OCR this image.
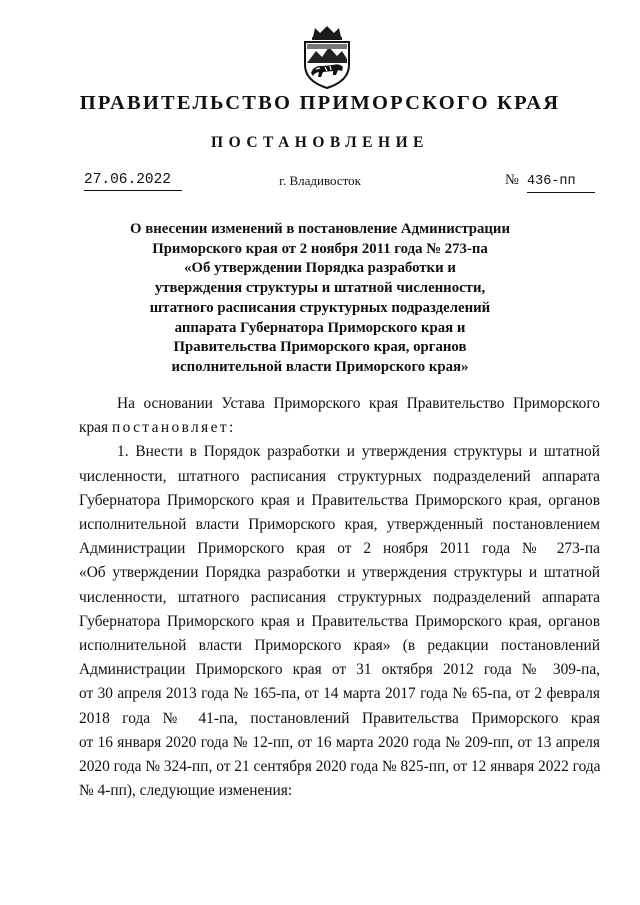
ПРАВИТЕЛЬСТВО ПРИМОРСКОГО КРАЯ
ПОСТАНОВЛЕНИЕ
27.06.2022	г. Владивосток	№ 436-пп
О внесении изменений в постановление Администрации
Приморского края от 2 ноября 2011 года № 273-па
«Об утверждении Порядка разработки и
утверждения структуры и штатной численности,
штатного расписания структурных подразделений
аппарата Губернатора Приморского края и
Правительства Приморского края, органов
исполнительной власти Приморского края»
На основании Устава Приморского края Правительство Приморского
края постановляет:
1. Внести в Порядок разработки и утверждения структуры и штатной
численности, штатного расписания структурных подразделений аппарата
Губернатора Приморского края и Правительства Приморского края, органов
исполнительной власти Приморского края, утвержденный постановлением
Администрации Приморского края от 2 ноября 2011 года № 273-па
«Об утверждении Порядка разработки и утверждения структуры и штатной
численности, штатного расписания структурных подразделений аппарата
Губернатора Приморского края и Правительства Приморского края, органов
исполнительной власти Приморского края» (в редакции постановлений
Администрации Приморского края от 31 октября 2012 года № 309-па,
от 30 апреля 2013 года № 165-па, от 14 марта 2017 года № 65-па, от 2 февраля
2018 года № 41-па, постановлений Правительства Приморского края
от 16 января 2020 года № 12-пп, от 16 марта 2020 года № 209-пп, от 13 апреля
2020 года № 324-пп, от 21 сентября 2020 года № 825-пп, от 12 января 2022 года
№ 4-пп), следующие изменения:
